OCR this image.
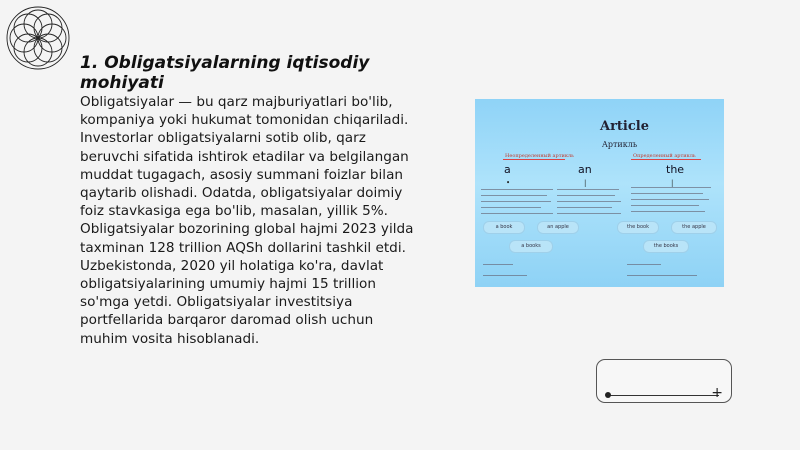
1. Obligatsiyalarning iqtisodiy mohiyati
Obligatsiyalar — bu qarz majburiyatlari bo'lib, kompaniya yoki hukumat tomonidan chiqariladi. Investorlar obligatsiyalarni sotib olib, qarz beruvchi sifatida ishtirok etadilar va belgilangan muddat tugagach, asosiy summani foizlar bilan qaytarib olishadi. Odatda, obligatsiyalar doimiy foiz stavkasiga ega bo'lib, masalan, yillik 5%. Obligatsiyalar bozorining global hajmi 2023 yilda taxminan 128 trillion AQSh dollarini tashkil etdi. Uzbekistonda, 2020 yil holatiga ko'ra, davlat obligatsiyalarining umumiy hajmi 15 trillion so'mga yetdi. Obligatsiyalar investitsiya portfellarida barqaror daromad olish uchun muhim vosita hisoblanadi.
Article
Артикль
Неопределенный артикль	Определенный артикль
a	an	the
•	|	|
a book	an apple	the book	the apple
a books	the books
+
